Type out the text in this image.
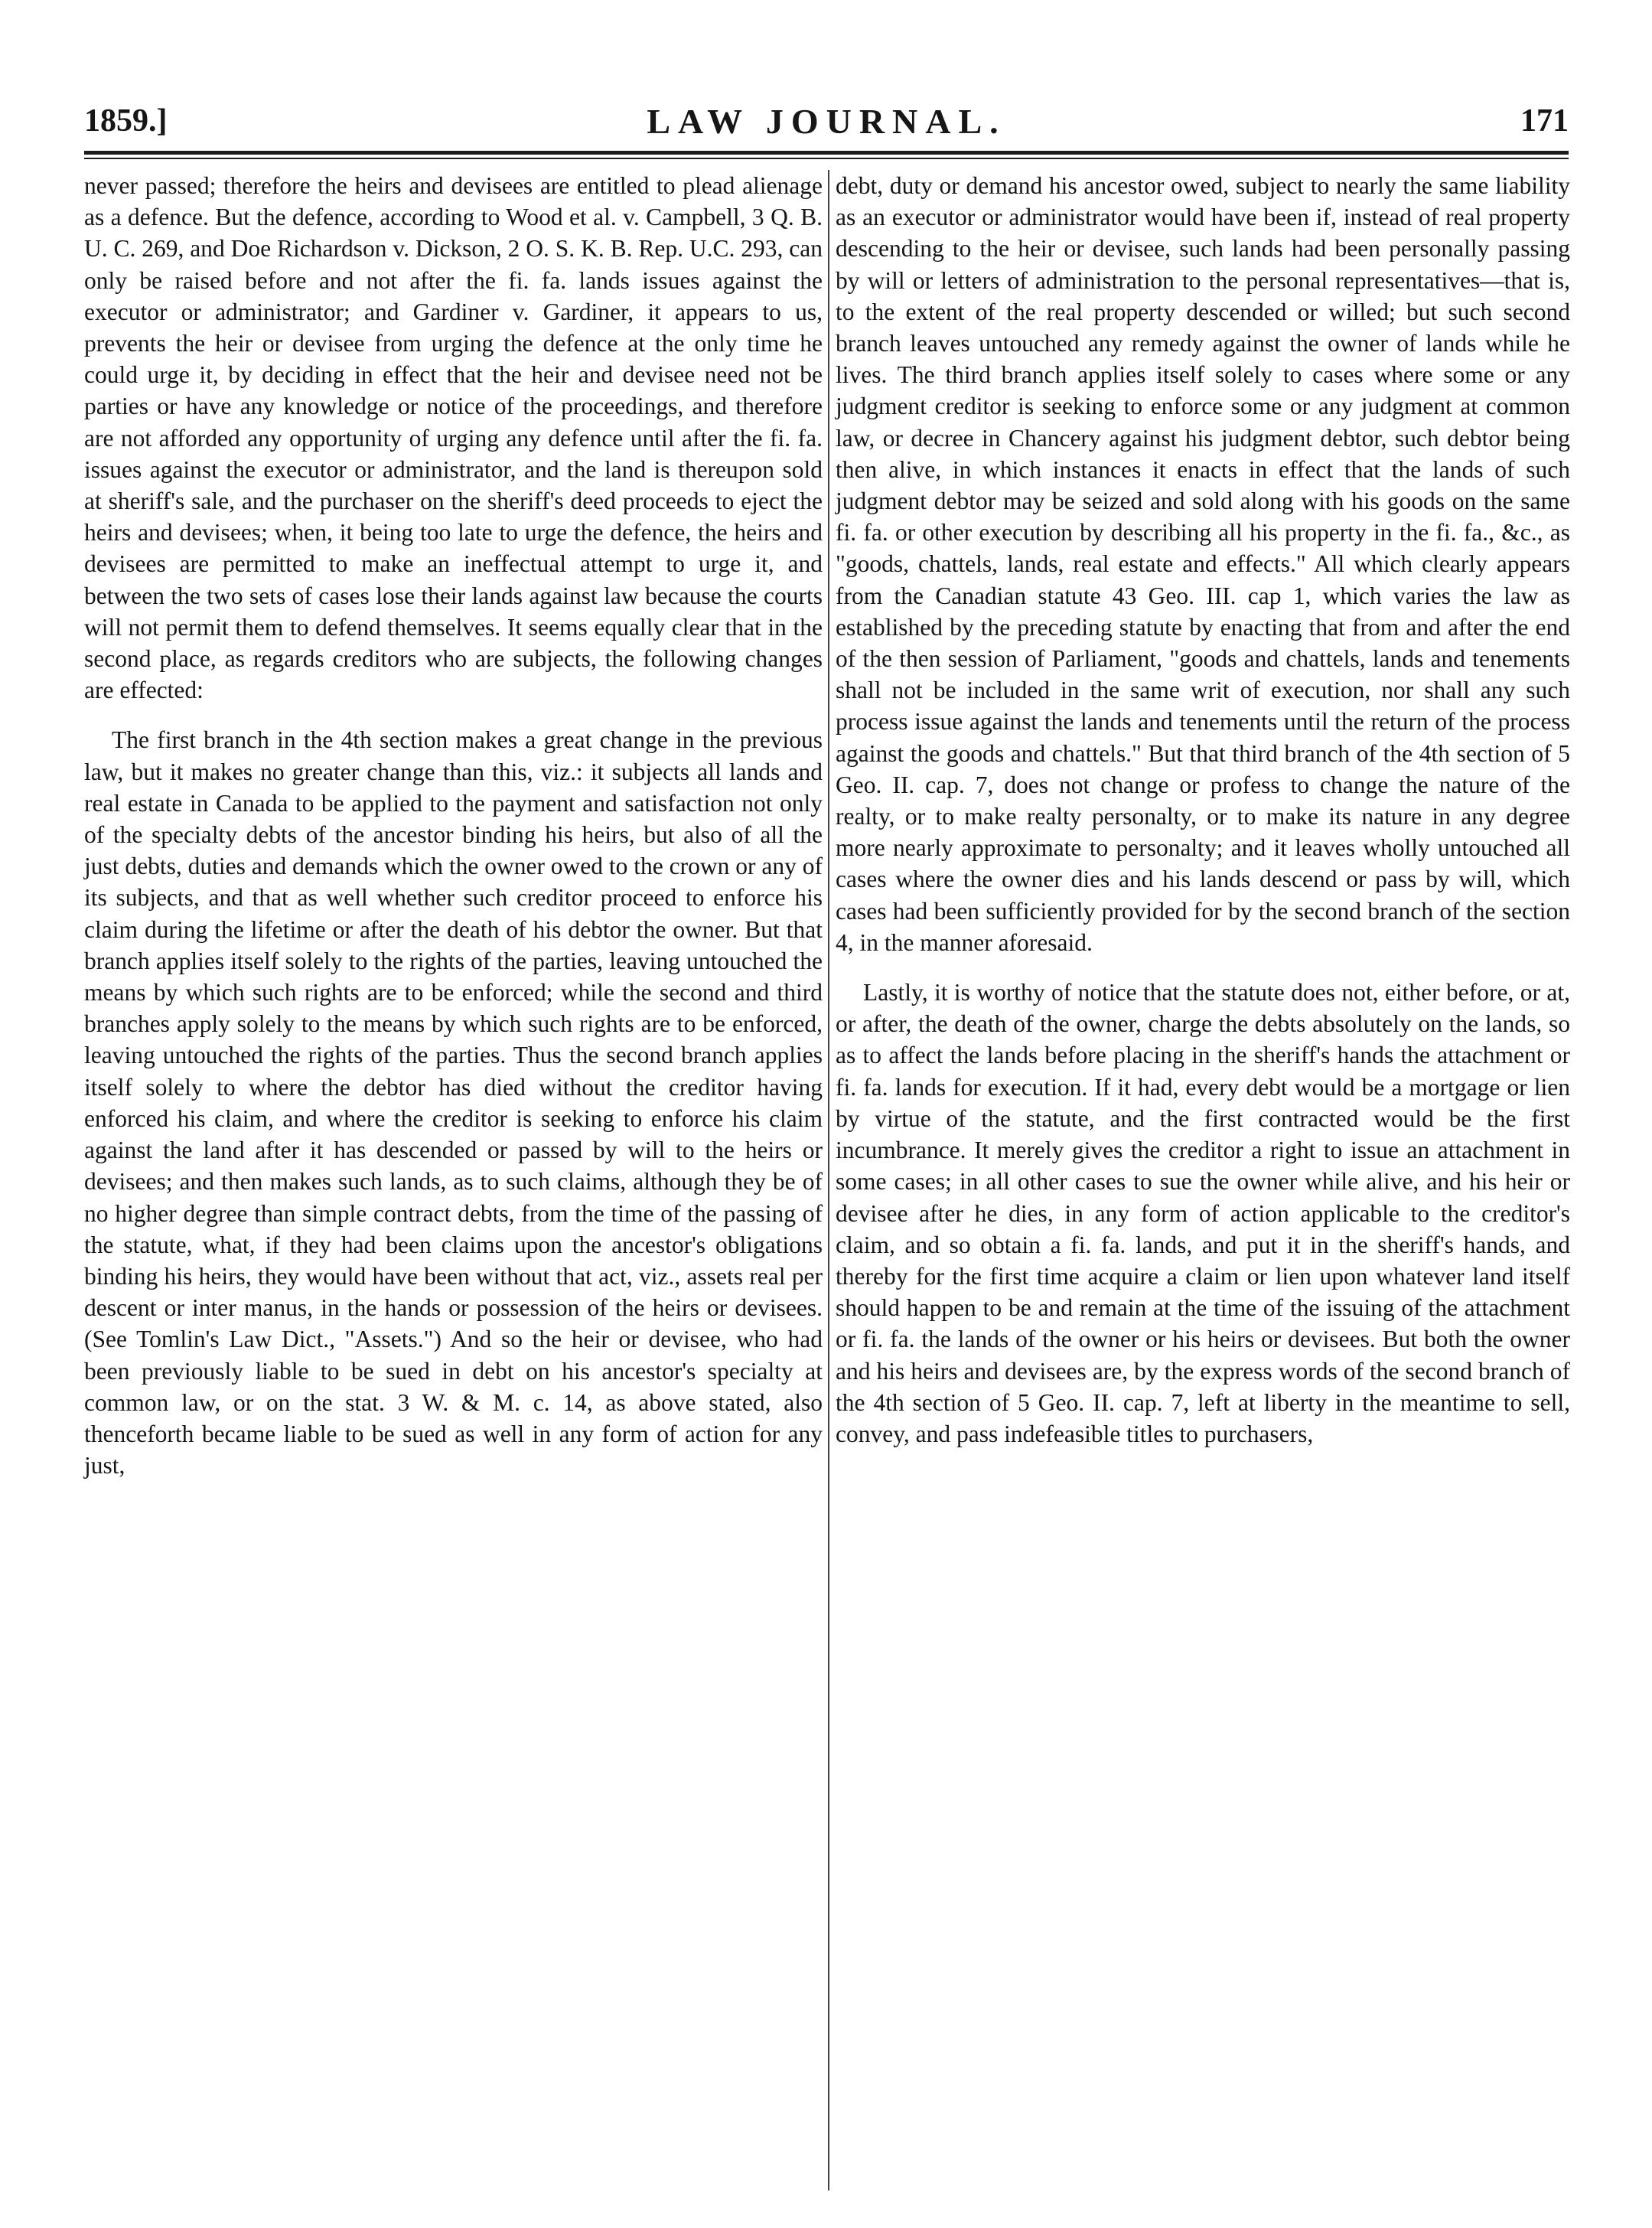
1859.]	LAW JOURNAL.	171

never passed; therefore the heirs and devisees are entitled to plead alienage as a defence. But the defence, according to Wood et al. v. Campbell, 3 Q. B. U. C. 269, and Doe Richardson v. Dickson, 2 O. S. K. B. Rep. U.C. 293, can only be raised before and not after the fi. fa. lands issues against the executor or administrator; and Gardiner v. Gardiner, it appears to us, prevents the heir or devisee from urging the defence at the only time he could urge it, by deciding in effect that the heir and devisee need not be parties or have any knowledge or notice of the proceedings, and therefore are not afforded any opportunity of urging any defence until after the fi. fa. issues against the executor or administrator, and the land is thereupon sold at sheriff's sale, and the purchaser on the sheriff's deed proceeds to eject the heirs and devisees; when, it being too late to urge the defence, the heirs and devisees are permitted to make an ineffectual attempt to urge it, and between the two sets of cases lose their lands against law because the courts will not permit them to defend themselves. It seems equally clear that in the second place, as regards creditors who are subjects, the following changes are effected:

The first branch in the 4th section makes a great change in the previous law, but it makes no greater change than this, viz.: it subjects all lands and real estate in Canada to be applied to the payment and satisfaction not only of the specialty debts of the ancestor binding his heirs, but also of all the just debts, duties and demands which the owner owed to the crown or any of its subjects, and that as well whether such creditor proceed to enforce his claim during the lifetime or after the death of his debtor the owner. But that branch applies itself solely to the rights of the parties, leaving untouched the means by which such rights are to be enforced; while the second and third branches apply solely to the means by which such rights are to be enforced, leaving untouched the rights of the parties. Thus the second branch applies itself solely to where the debtor has died without the creditor having enforced his claim, and where the creditor is seeking to enforce his claim against the land after it has descended or passed by will to the heirs or devisees; and then makes such lands, as to such claims, although they be of no higher degree than simple contract debts, from the time of the passing of the statute, what, if they had been claims upon the ancestor's obligations binding his heirs, they would have been without that act, viz., assets real per descent or inter manus, in the hands or possession of the heirs or devisees. (See Tomlin's Law Dict., "Assets.") And so the heir or devisee, who had been previously liable to be sued in debt on his ancestor's specialty at common law, or on the stat. 3 W. & M. c. 14, as above stated, also thenceforth became liable to be sued as well in any form of action for any just,

debt, duty or demand his ancestor owed, subject to nearly the same liability as an executor or administrator would have been if, instead of real property descending to the heir or devisee, such lands had been personally passing by will or letters of administration to the personal representatives—that is, to the extent of the real property descended or willed; but such second branch leaves untouched any remedy against the owner of lands while he lives. The third branch applies itself solely to cases where some or any judgment creditor is seeking to enforce some or any judgment at common law, or decree in Chancery against his judgment debtor, such debtor being then alive, in which instances it enacts in effect that the lands of such judgment debtor may be seized and sold along with his goods on the same fi. fa. or other execution by describing all his property in the fi. fa., &c., as "goods, chattels, lands, real estate and effects." All which clearly appears from the Canadian statute 43 Geo. III. cap 1, which varies the law as established by the preceding statute by enacting that from and after the end of the then session of Parliament, "goods and chattels, lands and tenements shall not be included in the same writ of execution, nor shall any such process issue against the lands and tenements until the return of the process against the goods and chattels." But that third branch of the 4th section of 5 Geo. II. cap. 7, does not change or profess to change the nature of the realty, or to make realty personalty, or to make its nature in any degree more nearly approximate to personalty; and it leaves wholly untouched all cases where the owner dies and his lands descend or pass by will, which cases had been sufficiently provided for by the second branch of the section 4, in the manner aforesaid.

Lastly, it is worthy of notice that the statute does not, either before, or at, or after, the death of the owner, charge the debts absolutely on the lands, so as to affect the lands before placing in the sheriff's hands the attachment or fi. fa. lands for execution. If it had, every debt would be a mortgage or lien by virtue of the statute, and the first contracted would be the first incumbrance. It merely gives the creditor a right to issue an attachment in some cases; in all other cases to sue the owner while alive, and his heir or devisee after he dies, in any form of action applicable to the creditor's claim, and so obtain a fi. fa. lands, and put it in the sheriff's hands, and thereby for the first time acquire a claim or lien upon whatever land itself should happen to be and remain at the time of the issuing of the attachment or fi. fa. the lands of the owner or his heirs or devisees. But both the owner and his heirs and devisees are, by the express words of the second branch of the 4th section of 5 Geo. II. cap. 7, left at liberty in the meantime to sell, convey, and pass indefeasible titles to purchasers,
